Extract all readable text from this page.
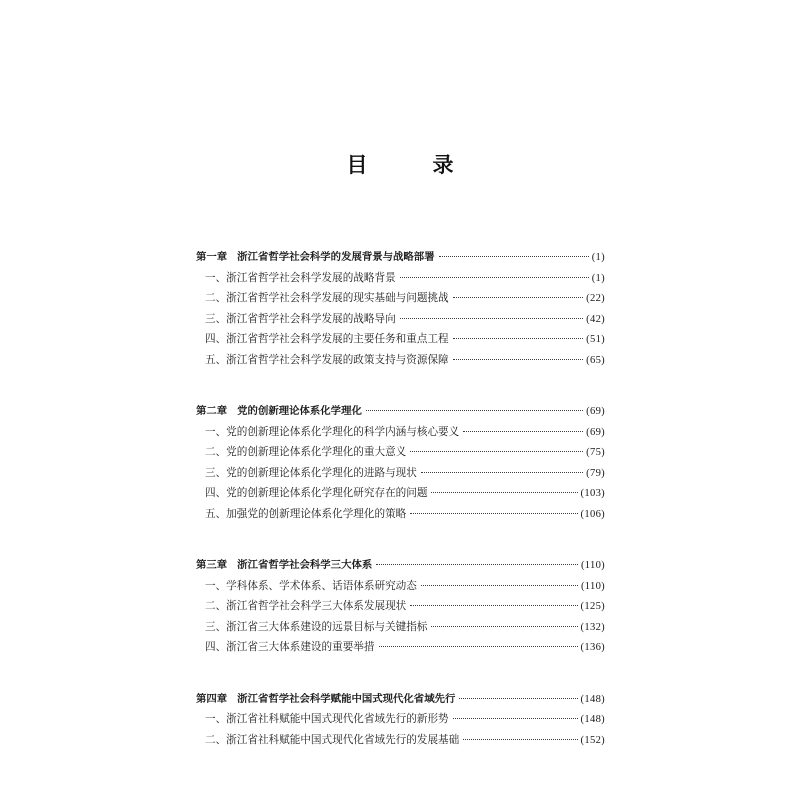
目　录
第一章 浙江省哲学社会科学的发展背景与战略部署	(1)
一、浙江省哲学社会科学发展的战略背景	(1)
二、浙江省哲学社会科学发展的现实基础与问题挑战	(22)
三、浙江省哲学社会科学发展的战略导向	(42)
四、浙江省哲学社会科学发展的主要任务和重点工程	(51)
五、浙江省哲学社会科学发展的政策支持与资源保障	(65)
第二章 党的创新理论体系化学理化	(69)
一、党的创新理论体系化学理化的科学内涵与核心要义	(69)
二、党的创新理论体系化学理化的重大意义	(75)
三、党的创新理论体系化学理化的进路与现状	(79)
四、党的创新理论体系化学理化研究存在的问题	(103)
五、加强党的创新理论体系化学理化的策略	(106)
第三章 浙江省哲学社会科学三大体系	(110)
一、学科体系、学术体系、话语体系研究动态	(110)
二、浙江省哲学社会科学三大体系发展现状	(125)
三、浙江省三大体系建设的远景目标与关键指标	(132)
四、浙江省三大体系建设的重要举措	(136)
第四章 浙江省哲学社会科学赋能中国式现代化省域先行	(148)
一、浙江省社科赋能中国式现代化省域先行的新形势	(148)
二、浙江省社科赋能中国式现代化省域先行的发展基础	(152)
